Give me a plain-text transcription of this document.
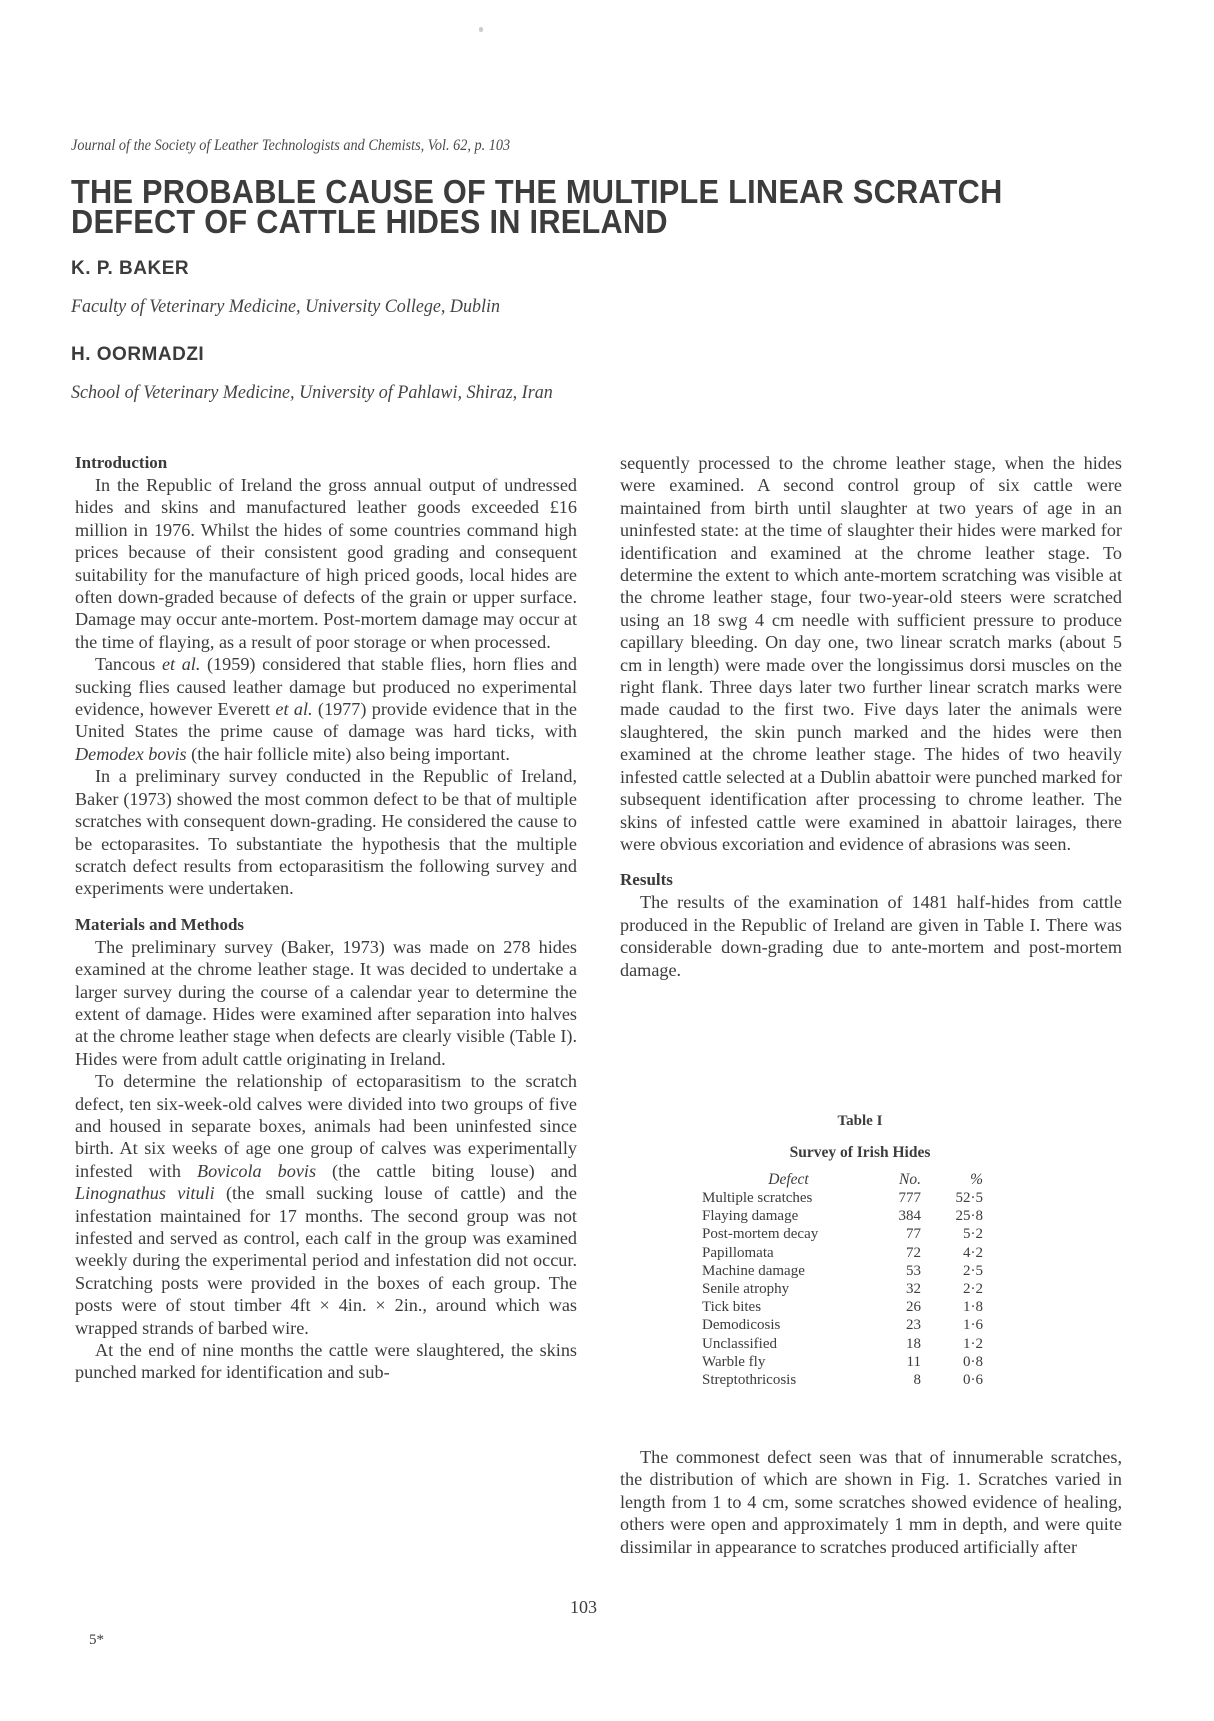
Journal of the Society of Leather Technologists and Chemists, Vol. 62, p. 103
THE PROBABLE CAUSE OF THE MULTIPLE LINEAR SCRATCH
DEFECT OF CATTLE HIDES IN IRELAND
K. P. BAKER
Faculty of Veterinary Medicine, University College, Dublin
H. OORMADZI
School of Veterinary Medicine, University of Pahlawi, Shiraz, Iran

Introduction

In the Republic of Ireland the gross annual output of undressed hides and skins and manufactured leather goods exceeded £16 million in 1976. Whilst the hides of some countries command high prices because of their consistent good grading and consequent suitability for the manufacture of high priced goods, local hides are often down-graded because of defects of the grain or upper surface. Damage may occur ante-mortem. Post-mortem damage may occur at the time of flaying, as a result of poor storage or when processed.

Tancous et al. (1959) considered that stable flies, horn flies and sucking flies caused leather damage but produced no experimental evidence, however Everett et al. (1977) provide evidence that in the United States the prime cause of damage was hard ticks, with Demodex bovis (the hair follicle mite) also being important.

In a preliminary survey conducted in the Republic of Ireland, Baker (1973) showed the most common defect to be that of multiple scratches with consequent down-grading. He considered the cause to be ectoparasites. To substantiate the hypothesis that the multiple scratch defect results from ectoparasitism the following survey and experiments were undertaken.

Materials and Methods

The preliminary survey (Baker, 1973) was made on 278 hides examined at the chrome leather stage. It was decided to undertake a larger survey during the course of a calendar year to determine the extent of damage. Hides were examined after separation into halves at the chrome leather stage when defects are clearly visible (Table I). Hides were from adult cattle originating in Ireland.

To determine the relationship of ectoparasitism to the scratch defect, ten six-week-old calves were divided into two groups of five and housed in separate boxes, animals had been uninfested since birth. At six weeks of age one group of calves was experimentally infested with Bovicola bovis (the cattle biting louse) and Linognathus vituli (the small sucking louse of cattle) and the infestation maintained for 17 months. The second group was not infested and served as control, each calf in the group was examined weekly during the experimental period and infestation did not occur. Scratching posts were provided in the boxes of each group. The posts were of stout timber 4ft × 4in. × 2in., around which was wrapped strands of barbed wire.

At the end of nine months the cattle were slaughtered, the skins punched marked for identification and sub-

sequently processed to the chrome leather stage, when the hides were examined. A second control group of six cattle were maintained from birth until slaughter at two years of age in an uninfested state: at the time of slaughter their hides were marked for identification and examined at the chrome leather stage. To determine the extent to which ante-mortem scratching was visible at the chrome leather stage, four two-year-old steers were scratched using an 18 swg 4 cm needle with sufficient pressure to produce capillary bleeding. On day one, two linear scratch marks (about 5 cm in length) were made over the longissimus dorsi muscles on the right flank. Three days later two further linear scratch marks were made caudad to the first two. Five days later the animals were slaughtered, the skin punch marked and the hides were then examined at the chrome leather stage. The hides of two heavily infested cattle selected at a Dublin abattoir were punched marked for subsequent identification after processing to chrome leather. The skins of infested cattle were examined in abattoir lairages, there were obvious excoriation and evidence of abrasions was seen.

Results

The results of the examination of 1481 half-hides from cattle produced in the Republic of Ireland are given in Table I. There was considerable down-grading due to ante-mortem and post-mortem damage.

Table I
Survey of Irish Hides
Defect	No.	%
Multiple scratches	777	52·5
Flaying damage	384	25·8
Post-mortem decay	77	5·2
Papillomata	72	4·2
Machine damage	53	2·5
Senile atrophy	32	2·2
Tick bites	26	1·8
Demodicosis	23	1·6
Unclassified	18	1·2
Warble fly	11	0·8
Streptothricosis	8	0·6

The commonest defect seen was that of innumerable scratches, the distribution of which are shown in Fig. 1. Scratches varied in length from 1 to 4 cm, some scratches showed evidence of healing, others were open and approximately 1 mm in depth, and were quite dissimilar in appearance to scratches produced artificially after

103
5*
